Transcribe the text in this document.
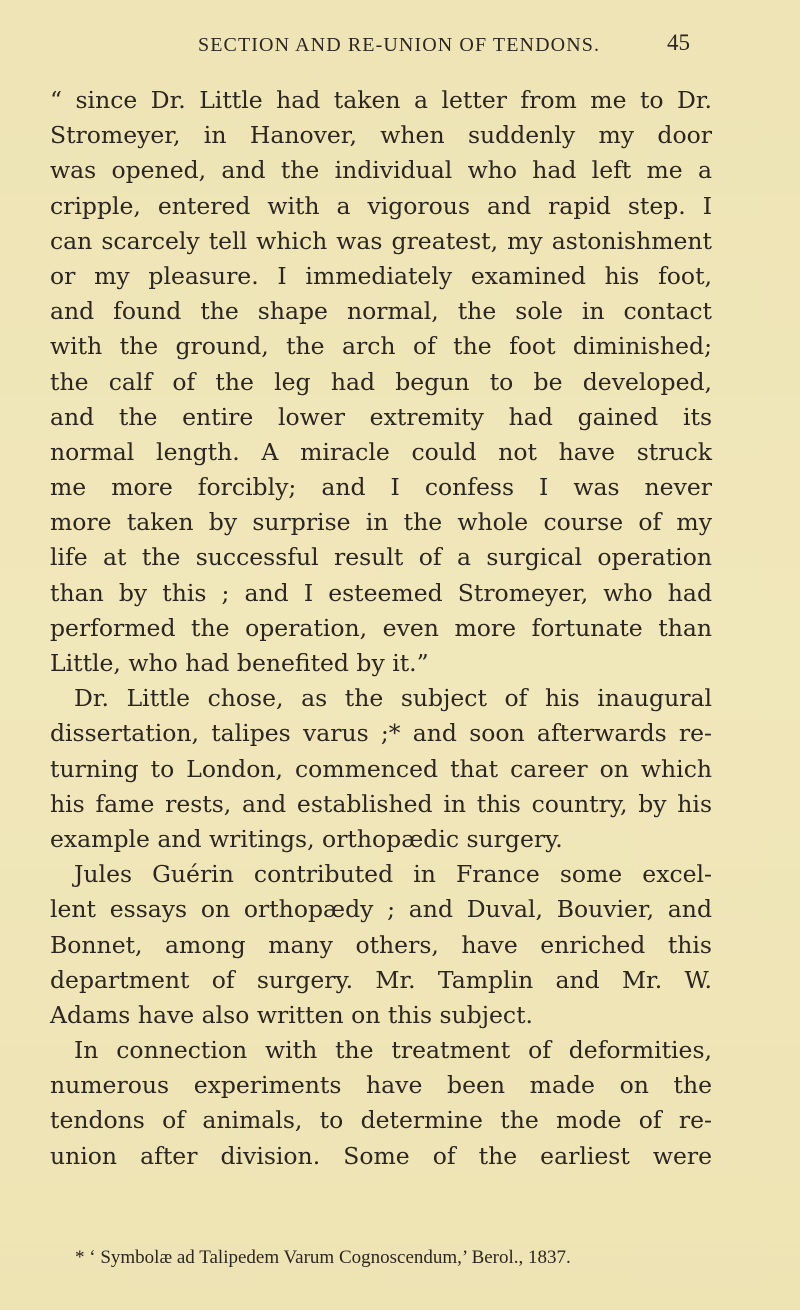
SECTION AND RE-UNION OF TENDONS.	45
“ since Dr. Little had taken a letter from me to Dr.
Stromeyer, in Hanover, when suddenly my door
was opened, and the individual who had left me a
cripple, entered with a vigorous and rapid step. I
can scarcely tell which was greatest, my astonishment
or my pleasure. I immediately examined his foot,
and found the shape normal, the sole in contact
with the ground, the arch of the foot diminished;
the calf of the leg had begun to be developed,
and the entire lower extremity had gained its
normal length. A miracle could not have struck
me more forcibly; and I confess I was never
more taken by surprise in the whole course of my
life at the successful result of a surgical operation
than by this ; and I esteemed Stromeyer, who had
performed the operation, even more fortunate than
Little, who had benefited by it.”
Dr. Little chose, as the subject of his inaugural
dissertation, talipes varus ;* and soon afterwards re-
turning to London, commenced that career on which
his fame rests, and established in this country, by his
example and writings, orthopædic surgery.
Jules Guérin contributed in France some excel-
lent essays on orthopædy ; and Duval, Bouvier, and
Bonnet, among many others, have enriched this
department of surgery. Mr. Tamplin and Mr. W.
Adams have also written on this subject.
In connection with the treatment of deformities,
numerous experiments have been made on the
tendons of animals, to determine the mode of re-
union after division. Some of the earliest were
* ‘ Symbolæ ad Talipedem Varum Cognoscendum,’ Berol., 1837.
